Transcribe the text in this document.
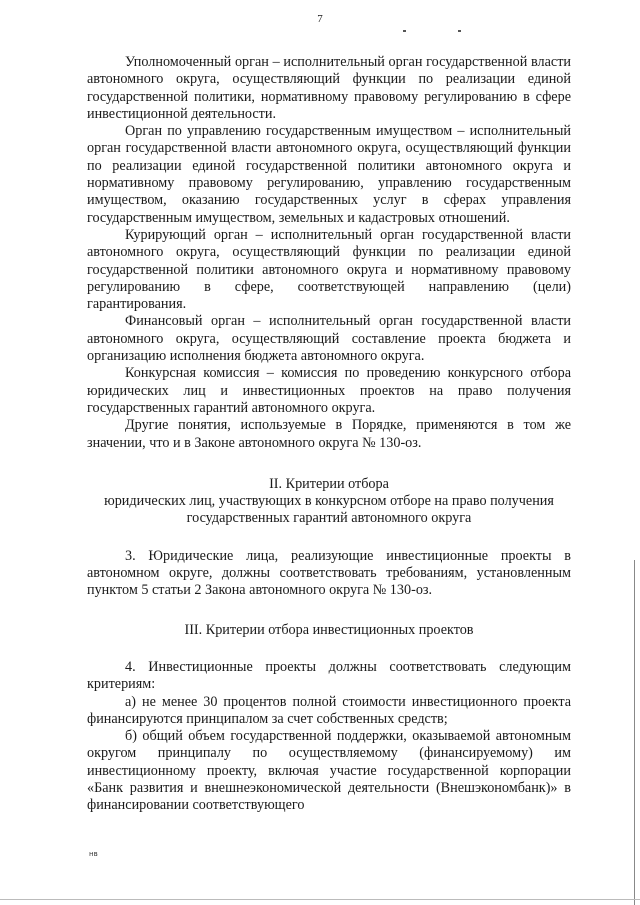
7

Уполномоченный орган – исполнительный орган государственной власти автономного округа, осуществляющий функции по реализации единой государственной политики, нормативному правовому регулированию в сфере инвестиционной деятельности.

Орган по управлению государственным имуществом – исполнительный орган государственной власти автономного округа, осуществляющий функции по реализации единой государственной политики автономного округа и нормативному правовому регулированию, управлению государственным имуществом, оказанию государственных услуг в сферах управления государственным имуществом, земельных и кадастровых отношений.

Курирующий орган – исполнительный орган государственной власти автономного округа, осуществляющий функции по реализации единой государственной политики автономного округа и нормативному правовому регулированию в сфере, соответствующей направлению (цели) гарантирования.

Финансовый орган – исполнительный орган государственной власти автономного округа, осуществляющий составление проекта бюджета и организацию исполнения бюджета автономного округа.

Конкурсная комиссия – комиссия по проведению конкурсного отбора юридических лиц и инвестиционных проектов на право получения государственных гарантий автономного округа.

Другие понятия, используемые в Порядке, применяются в том же значении, что и в Законе автономного округа № 130-оз.

II. Критерии отбора
юридических лиц, участвующих в конкурсном отборе на право получения
государственных гарантий автономного округа

3. Юридические лица, реализующие инвестиционные проекты в автономном округе, должны соответствовать требованиям, установленным пунктом 5 статьи 2 Закона автономного округа № 130-оз.

III. Критерии отбора инвестиционных проектов

4. Инвестиционные проекты должны соответствовать следующим критериям:

а) не менее 30 процентов полной стоимости инвестиционного проекта финансируются принципалом за счет собственных средств;

б) общий объем государственной поддержки, оказываемой автономным округом принципалу по осуществляемому (финансируемому) им инвестиционному проекту, включая участие государственной корпорации «Банк развития и внешнеэкономической деятельности (Внешэкономбанк)» в финансировании соответствующего

нв
